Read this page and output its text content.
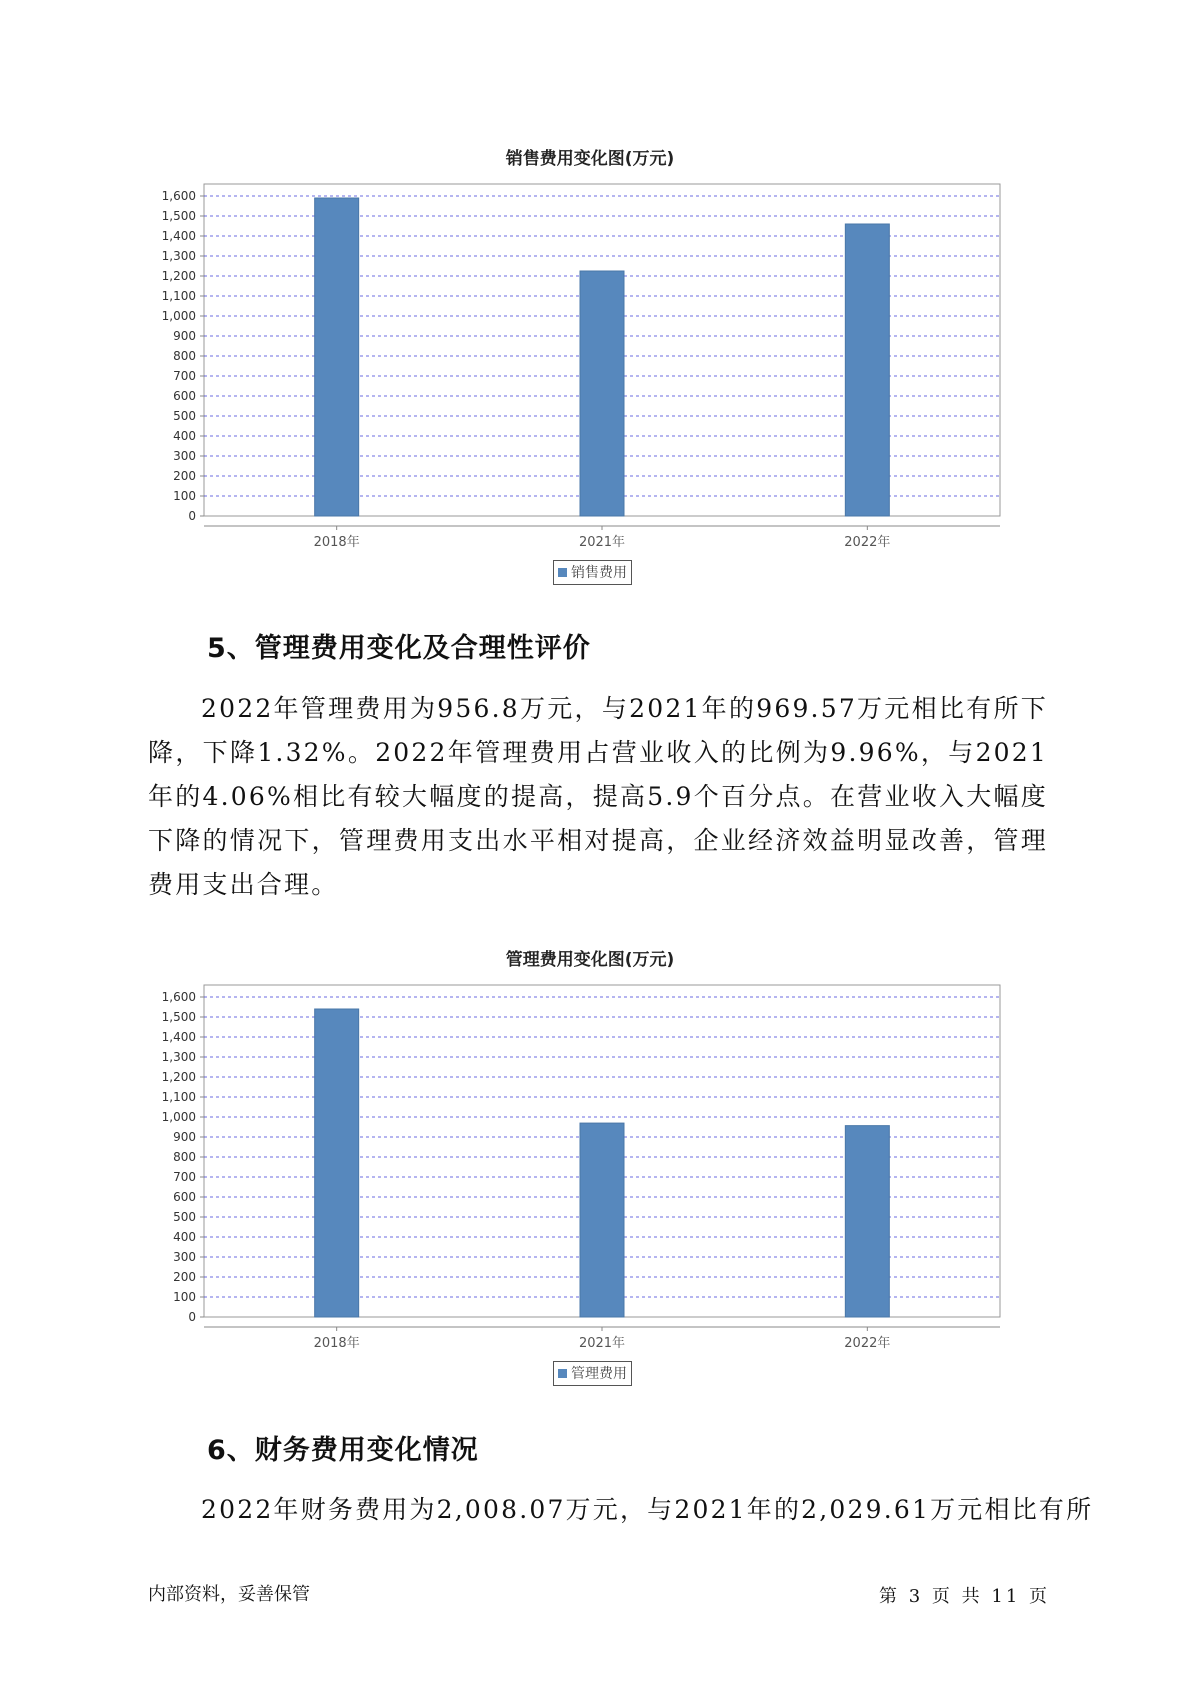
销售费用变化图(万元)
0
100
200
300
400
500
600
700
800
900
1,000
1,100
1,200
1,300
1,400
1,500
1,600
2018年	2021年	2022年
销售费用
5、管理费用变化及合理性评价

2022年管理费用为956.8万元，与2021年的969.57万元相比有所下降，下降1.32%。2022年管理费用占营业收入的比例为9.96%，与2021年的4.06%相比有较大幅度的提高，提高5.9个百分点。在营业收入大幅度下降的情况下，管理费用支出水平相对提高，企业经济效益明显改善，管理费用支出合理。

管理费用变化图(万元)
0
100
200
300
400
500
600
700
800
900
1,000
1,100
1,200
1,300
1,400
1,500
1,600
2018年	2021年	2022年
管理费用
6、财务费用变化情况

2022年财务费用为2,008.07万元，与2021年的2,029.61万元相比有所

内部资料，妥善保管	第 3 页 共 11 页
